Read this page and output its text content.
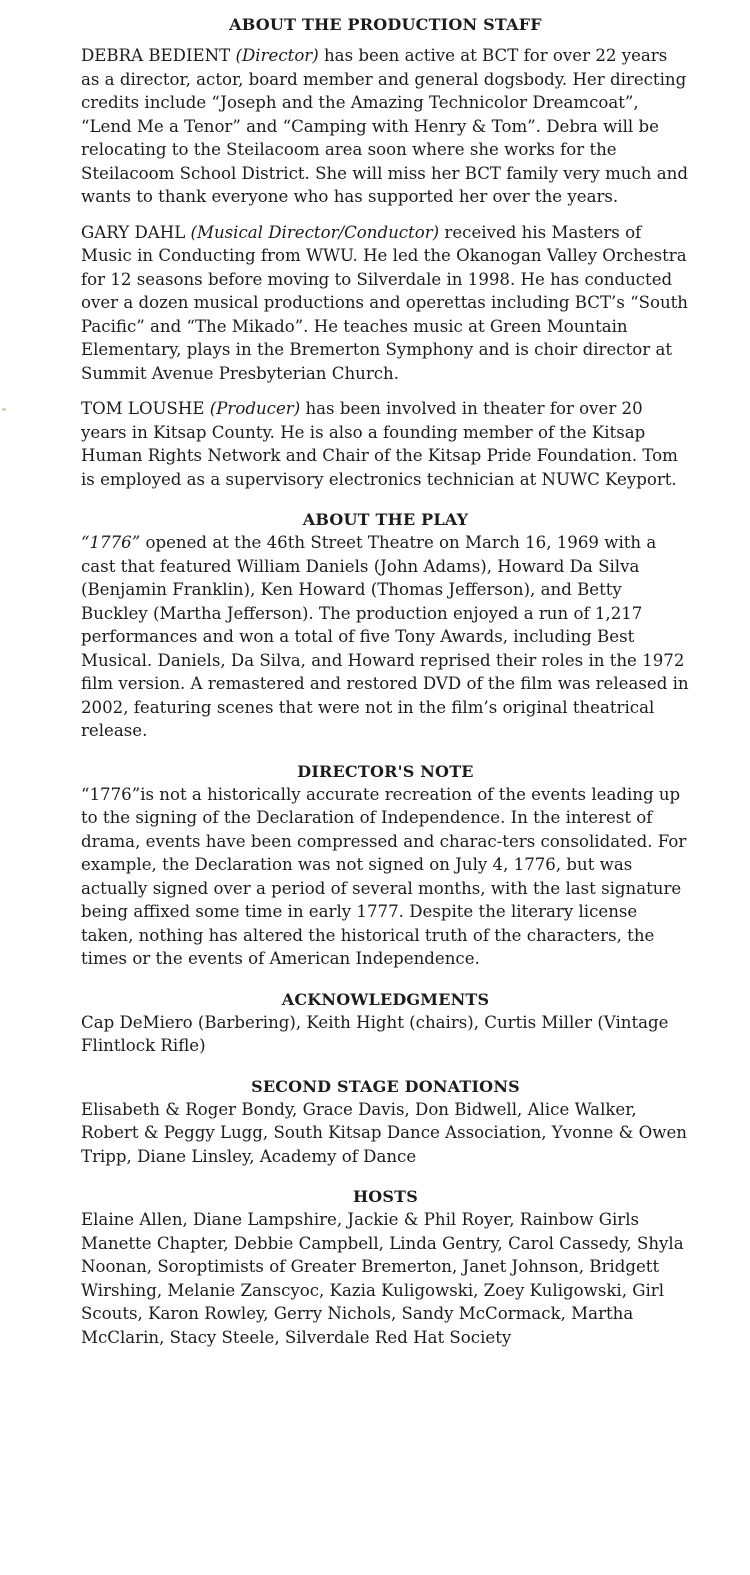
ABOUT THE PRODUCTION STAFF

DEBRA BEDIENT (Director) has been active at BCT for over 22 years as a director, actor, board member and general dogsbody. Her directing credits include “Joseph and the Amazing Technicolor Dreamcoat”, “Lend Me a Tenor” and “Camping with Henry & Tom”. Debra will be relocating to the Steilacoom area soon where she works for the Steilacoom School District. She will miss her BCT family very much and wants to thank everyone who has supported her over the years.

GARY DAHL (Musical Director/Conductor) received his Masters of Music in Conducting from WWU. He led the Okanogan Valley Orchestra for 12 seasons before moving to Silverdale in 1998. He has conducted over a dozen musical productions and operettas including BCT’s “South Pacific” and “The Mikado”. He teaches music at Green Mountain Elementary, plays in the Bremerton Symphony and is choir director at Summit Avenue Presbyterian Church.

TOM LOUSHE (Producer) has been involved in theater for over 20 years in Kitsap County. He is also a founding member of the Kitsap Human Rights Network and Chair of the Kitsap Pride Foundation. Tom is employed as a supervisory electronics technician at NUWC Keyport.

ABOUT THE PLAY

“1776” opened at the 46th Street Theatre on March 16, 1969 with a cast that featured William Daniels (John Adams), Howard Da Silva (Benjamin Franklin), Ken Howard (Thomas Jefferson), and Betty Buckley (Martha Jefferson). The production enjoyed a run of 1,217 performances and won a total of five Tony Awards, including Best Musical. Daniels, Da Silva, and Howard reprised their roles in the 1972 film version. A remastered and restored DVD of the film was released in 2002, featuring scenes that were not in the film’s original theatrical release.

DIRECTOR'S NOTE

“1776”is not a historically accurate recreation of the events leading up to the signing of the Declaration of Independence. In the interest of drama, events have been compressed and charac-ters consolidated. For example, the Declaration was not signed on July 4, 1776, but was actually signed over a period of several months, with the last signature being affixed some time in early 1777. Despite the literary license taken, nothing has altered the historical truth of the characters, the times or the events of American Independence.

ACKNOWLEDGMENTS

Cap DeMiero (Barbering), Keith Hight (chairs), Curtis Miller (Vintage Flintlock Rifle)

SECOND STAGE DONATIONS

Elisabeth & Roger Bondy, Grace Davis, Don Bidwell, Alice Walker, Robert & Peggy Lugg, South Kitsap Dance Association, Yvonne & Owen Tripp, Diane Linsley, Academy of Dance

HOSTS

Elaine Allen, Diane Lampshire, Jackie & Phil Royer, Rainbow Girls Manette Chapter, Debbie Campbell, Linda Gentry, Carol Cassedy, Shyla Noonan, Soroptimists of Greater Bremerton, Janet Johnson, Bridgett Wirshing, Melanie Zanscyoc, Kazia Kuligowski, Zoey Kuligowski, Girl Scouts, Karon Rowley, Gerry Nichols, Sandy McCormack, Martha McClarin, Stacy Steele, Silverdale Red Hat Society
